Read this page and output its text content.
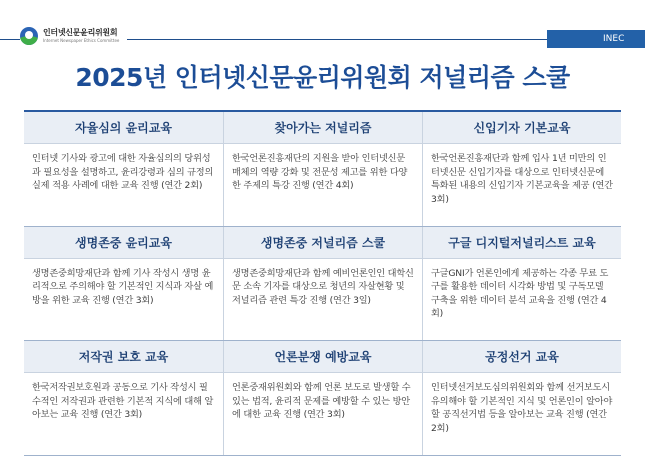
인터넷신문윤리위원회
Internet Newspaper Ethics Committee	INEC
2025년 인터넷신문윤리위원회 저널리즘 스쿨
자율심의 윤리교육
인터넷 기사와 광고에 대한 자율심의의 당위성과 필요성을 설명하고, 윤리강령과 심의 규정의 실제 적용 사례에 대한 교육 진행 (연간 2회)
찾아가는 저널리즘
한국언론진흥재단의 지원을 받아 인터넷신문 매체의 역량 강화 및 전문성 제고를 위한 다양한 주제의 특강 진행 (연간 4회)
신입기자 기본교육
한국언론진흥재단과 함께 입사 1년 미만의 인터넷신문 신입기자를 대상으로 인터넷신문에 특화된 내용의 신입기자 기본교육을 제공 (연간 3회)
생명존중 윤리교육
생명존중희망재단과 함께 기사 작성시 생명 윤리적으로 주의해야 할 기본적인 지식과 자살 예방을 위한 교육 진행 (연간 3회)
생명존중 저널리즘 스쿨
생명존중희망재단과 함께 예비언론인인 대학신문 소속 기자를 대상으로 청년의 자살현황 및 저널리즘 관련 특강 진행 (연간 3일)
구글 디지털저널리스트 교육
구글GNI가 언론인에게 제공하는 각종 무료 도구를 활용한 데이터 시각화 방법 및 구독모델 구축을 위한 데이터 분석 교육을 진행 (연간 4회)
저작권 보호 교육
한국저작권보호원과 공동으로 기사 작성시 필수적인 저작권과 관련한 기본적 지식에 대해 알아보는 교육 진행 (연간 3회)
언론분쟁 예방교육
언론중재위원회와 함께 언론 보도로 발생할 수 있는 법적, 윤리적 문제를 예방할 수 있는 방안에 대한 교육 진행 (연간 3회)
공정선거 교육
인터넷선거보도심의위원회와 함께 선거보도시 유의해야 할 기본적인 지식 및 언론인이 알아야 할 공직선거법 등을 알아보는 교육 진행 (연간 2회)
